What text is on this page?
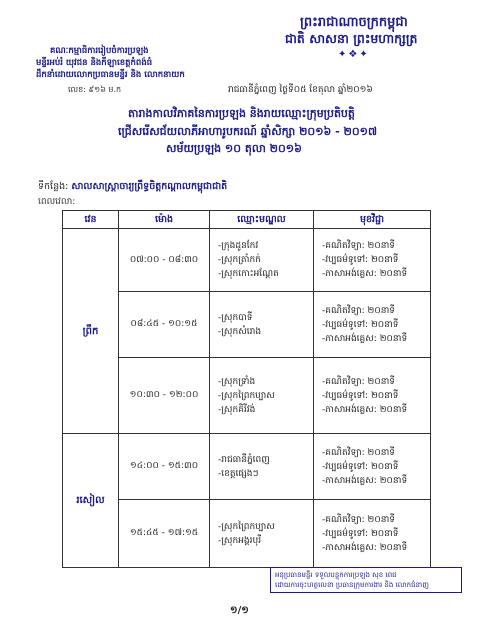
ព្រះរាជាណាចក្រកម្ពុជា
ជាតិ សាសនា ព្រះមហាក្សត្រ
✦❖✦
គណៈកម្មាធិការរៀបចំការប្រឡង
មន្ទីរអប់រំ យុវជន និងកីឡាខេត្តកំពង់ធំ
ដឹកនាំដោយលោកប្រធានមន្ទីរ និង លោកនាយក
លេខ: ៩១៦ ម.ក	រាជធានីភ្នំពេញ ថ្ងៃទី០៥ ខែតុលា ឆ្នាំ២០១៦
តារាងកាលវិភាគនៃការប្រឡង និងរាយឈ្មោះក្រុមប្រតិបត្តិ
ជ្រើសរើសជ័យលាភីអាហារូបករណ៍ ឆ្នាំសិក្សា ២០១៦ - ២០១៧
សម័យប្រឡង ១០ តុលា ២០១៦
ទីកន្លែង: សាលសាស្ត្រាចារ្យព្រឹទ្ធចិត្តកណ្ដាលកម្ពុជាជាតិ
ពេលវេលា:
វេន	ម៉ោង	ឈ្មោះមណ្ឌល	មុខវិជ្ជា
ព្រឹក	០៧:០០ - ០៨:៣០	-ក្រុងដូនកែវ
-ស្រុកត្រាំកក់
-ស្រុកកោះអណ្ដែត	-គណិតវិទ្យា: ២០នាទី
-វប្បធម៌ទូទៅ: ២០នាទី
-ភាសាអង់គ្លេស: ២០នាទី

	០៨:៤៥ - ១០:១៥	-ស្រុកបាទី
-ស្រុកសំរោង	-គណិតវិទ្យា: ២០នាទី
-វប្បធម៌ទូទៅ: ២០នាទី
-ភាសាអង់គ្លេស: ២០នាទី

	១០:៣០ - ១២:០០	-ស្រុកទ្រាំង
-ស្រុកព្រៃកប្បាស
-ស្រុកគិរីវង់	-គណិតវិទ្យា: ២០នាទី
-វប្បធម៌ទូទៅ: ២០នាទី
-ភាសាអង់គ្លេស: ២០នាទី

រសៀល	១៤:០០ - ១៥:៣០	-រាជធានីភ្នំពេញ
-ខេត្តផ្សេងៗ	-គណិតវិទ្យា: ២០នាទី
-វប្បធម៌ទូទៅ: ២០នាទី
-ភាសាអង់គ្លេស: ២០នាទី

	១៥:៤៥ - ១៧:១៥	-ស្រុកព្រៃកប្បាស
-ស្រុកអង្គរបុរី	-គណិតវិទ្យា: ២០នាទី
-វប្បធម៌ទូទៅ: ២០នាទី
-ភាសាអង់គ្លេស: ២០នាទី
អនុប្រធានមន្ទីរ ទទួលបន្ទុកការប្រឡង សុខ ពេជ
ដោយការចុះហត្ថលេខា ប្រធានក្រុមការងារ និង លោកជំនាញ
១/១
